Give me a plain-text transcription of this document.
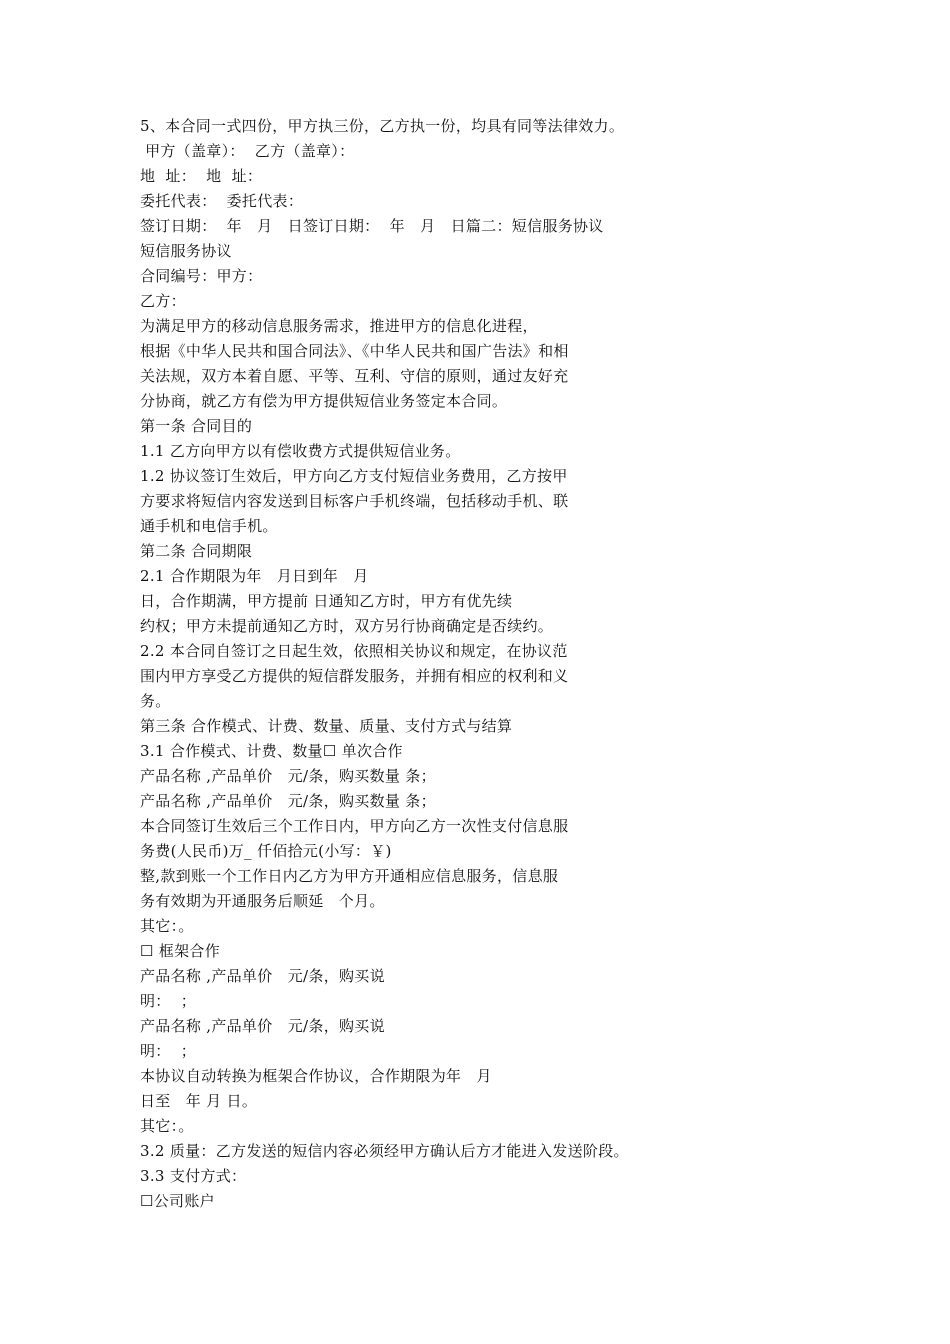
5、本合同一式四份，甲方执三份，乙方执一份，均具有同等法律效力。
甲方（盖章）：  乙方（盖章）：
地  址：  地  址：
委托代表：  委托代表：
签订日期：  年   月   日签订日期：  年   月   日篇二：短信服务协议
短信服务协议
合同编号：甲方：
乙方：
为满足甲方的移动信息服务需求，推进甲方的信息化进程，
根据《中华人民共和国合同法》、《中华人民共和国广告法》和相
关法规，双方本着自愿、平等、互利、守信的原则，通过友好充
分协商，就乙方有偿为甲方提供短信业务签定本合同。
第一条 合同目的
1.1 乙方向甲方以有偿收费方式提供短信业务。
1.2 协议签订生效后，甲方向乙方支付短信业务费用，乙方按甲
方要求将短信内容发送到目标客户手机终端，包括移动手机、联
通手机和电信手机。
第二条 合同期限
2.1 合作期限为年   月日到年   月
日，合作期满，甲方提前 日通知乙方时，甲方有优先续
约权；甲方未提前通知乙方时，双方另行协商确定是否续约。
2.2 本合同自签订之日起生效，依照相关协议和规定，在协议范
围内甲方享受乙方提供的短信群发服务，并拥有相应的权利和义
务。
第三条 合作模式、计费、数量、质量、支付方式与结算
3.1 合作模式、计费、数量☐ 单次合作
产品名称 ,产品单价   元/条，购买数量 条；
产品名称 ,产品单价   元/条，购买数量 条；
本合同签订生效后三个工作日内，甲方向乙方一次性支付信息服
务费(人民币)万_ 仟佰拾元(小写：￥)
整,款到账一个工作日内乙方为甲方开通相应信息服务，信息服
务有效期为开通服务后顺延   个月。
其它：。
☐ 框架合作
产品名称 ,产品单价   元/条，购买说
明：  ；
产品名称 ,产品单价   元/条，购买说
明：  ；
本协议自动转换为框架合作协议，合作期限为年   月
日至   年 月 日。
其它：。
3.2 质量：乙方发送的短信内容必须经甲方确认后方才能进入发送阶段。
3.3 支付方式：
☐公司账户
